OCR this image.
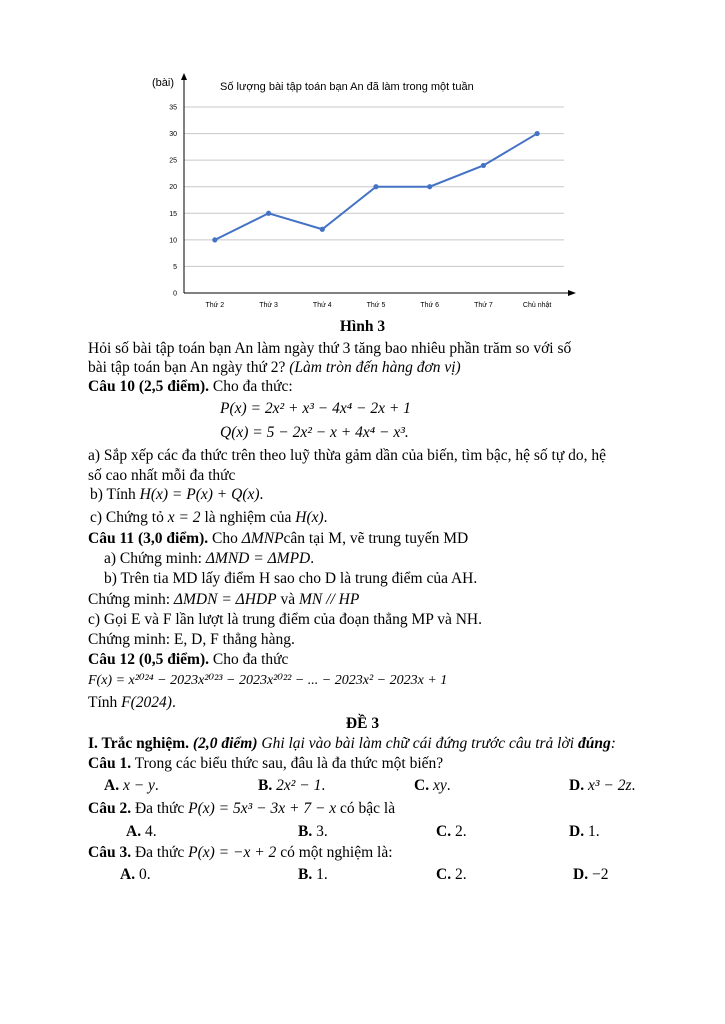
(bài)	Số lượng bài tập toán bạn An đã làm trong một tuần
0
5
10
15
20
25
30
35
Thứ 2	Thứ 3	Thứ 4	Thứ 5	Thứ 6	Thứ 7	Chủ nhật
Hình 3
Hỏi số bài tập toán bạn An làm ngày thứ 3 tăng bao nhiêu phần trăm so với số
bài tập toán bạn An ngày thứ 2? (Làm tròn đến hàng đơn vị)
Câu 10 (2,5 điểm). Cho đa thức:
P(x) = 2x² + x³ − 4x⁴ − 2x + 1
Q(x) = 5 − 2x² − x + 4x⁴ − x³.
a) Sắp xếp các đa thức trên theo luỹ thừa gảm dần của biến, tìm bậc, hệ số tự do, hệ
số cao nhất mỗi đa thức
b) Tính H(x) = P(x) + Q(x).
c) Chứng tỏ x = 2 là nghiệm của H(x).
Câu 11 (3,0 điểm). Cho ΔMNPcân tại M, vẽ trung tuyến MD
a) Chứng minh: ΔMND = ΔMPD.
b) Trên tia MD lấy điểm H sao cho D là trung điểm của AH.
Chứng minh: ΔMDN = ΔHDP và MN // HP
c) Gọi E và F lần lượt là trung điểm của đoạn thẳng MP và NH.
Chứng minh: E, D, F thẳng hàng.
Câu 12 (0,5 điểm). Cho đa thức
F(x) = x²⁰²⁴ − 2023x²⁰²³ − 2023x²⁰²² − ... − 2023x² − 2023x + 1
Tính F(2024).
ĐỀ 3
I. Trắc nghiệm. (2,0 điểm) Ghi lại vào bài làm chữ cái đứng trước câu trả lời đúng:
Câu 1. Trong các biểu thức sau, đâu là đa thức một biến?
A. x − y.	B. 2x² − 1.	C. xy.	D. x³ − 2z.
Câu 2. Đa thức P(x) = 5x³ − 3x + 7 − x có bậc là
A. 4.	B. 3.	C. 2.	D. 1.
Câu 3. Đa thức P(x) = −x + 2 có một nghiệm là:
A. 0.	B. 1.	C. 2.	D. −2
